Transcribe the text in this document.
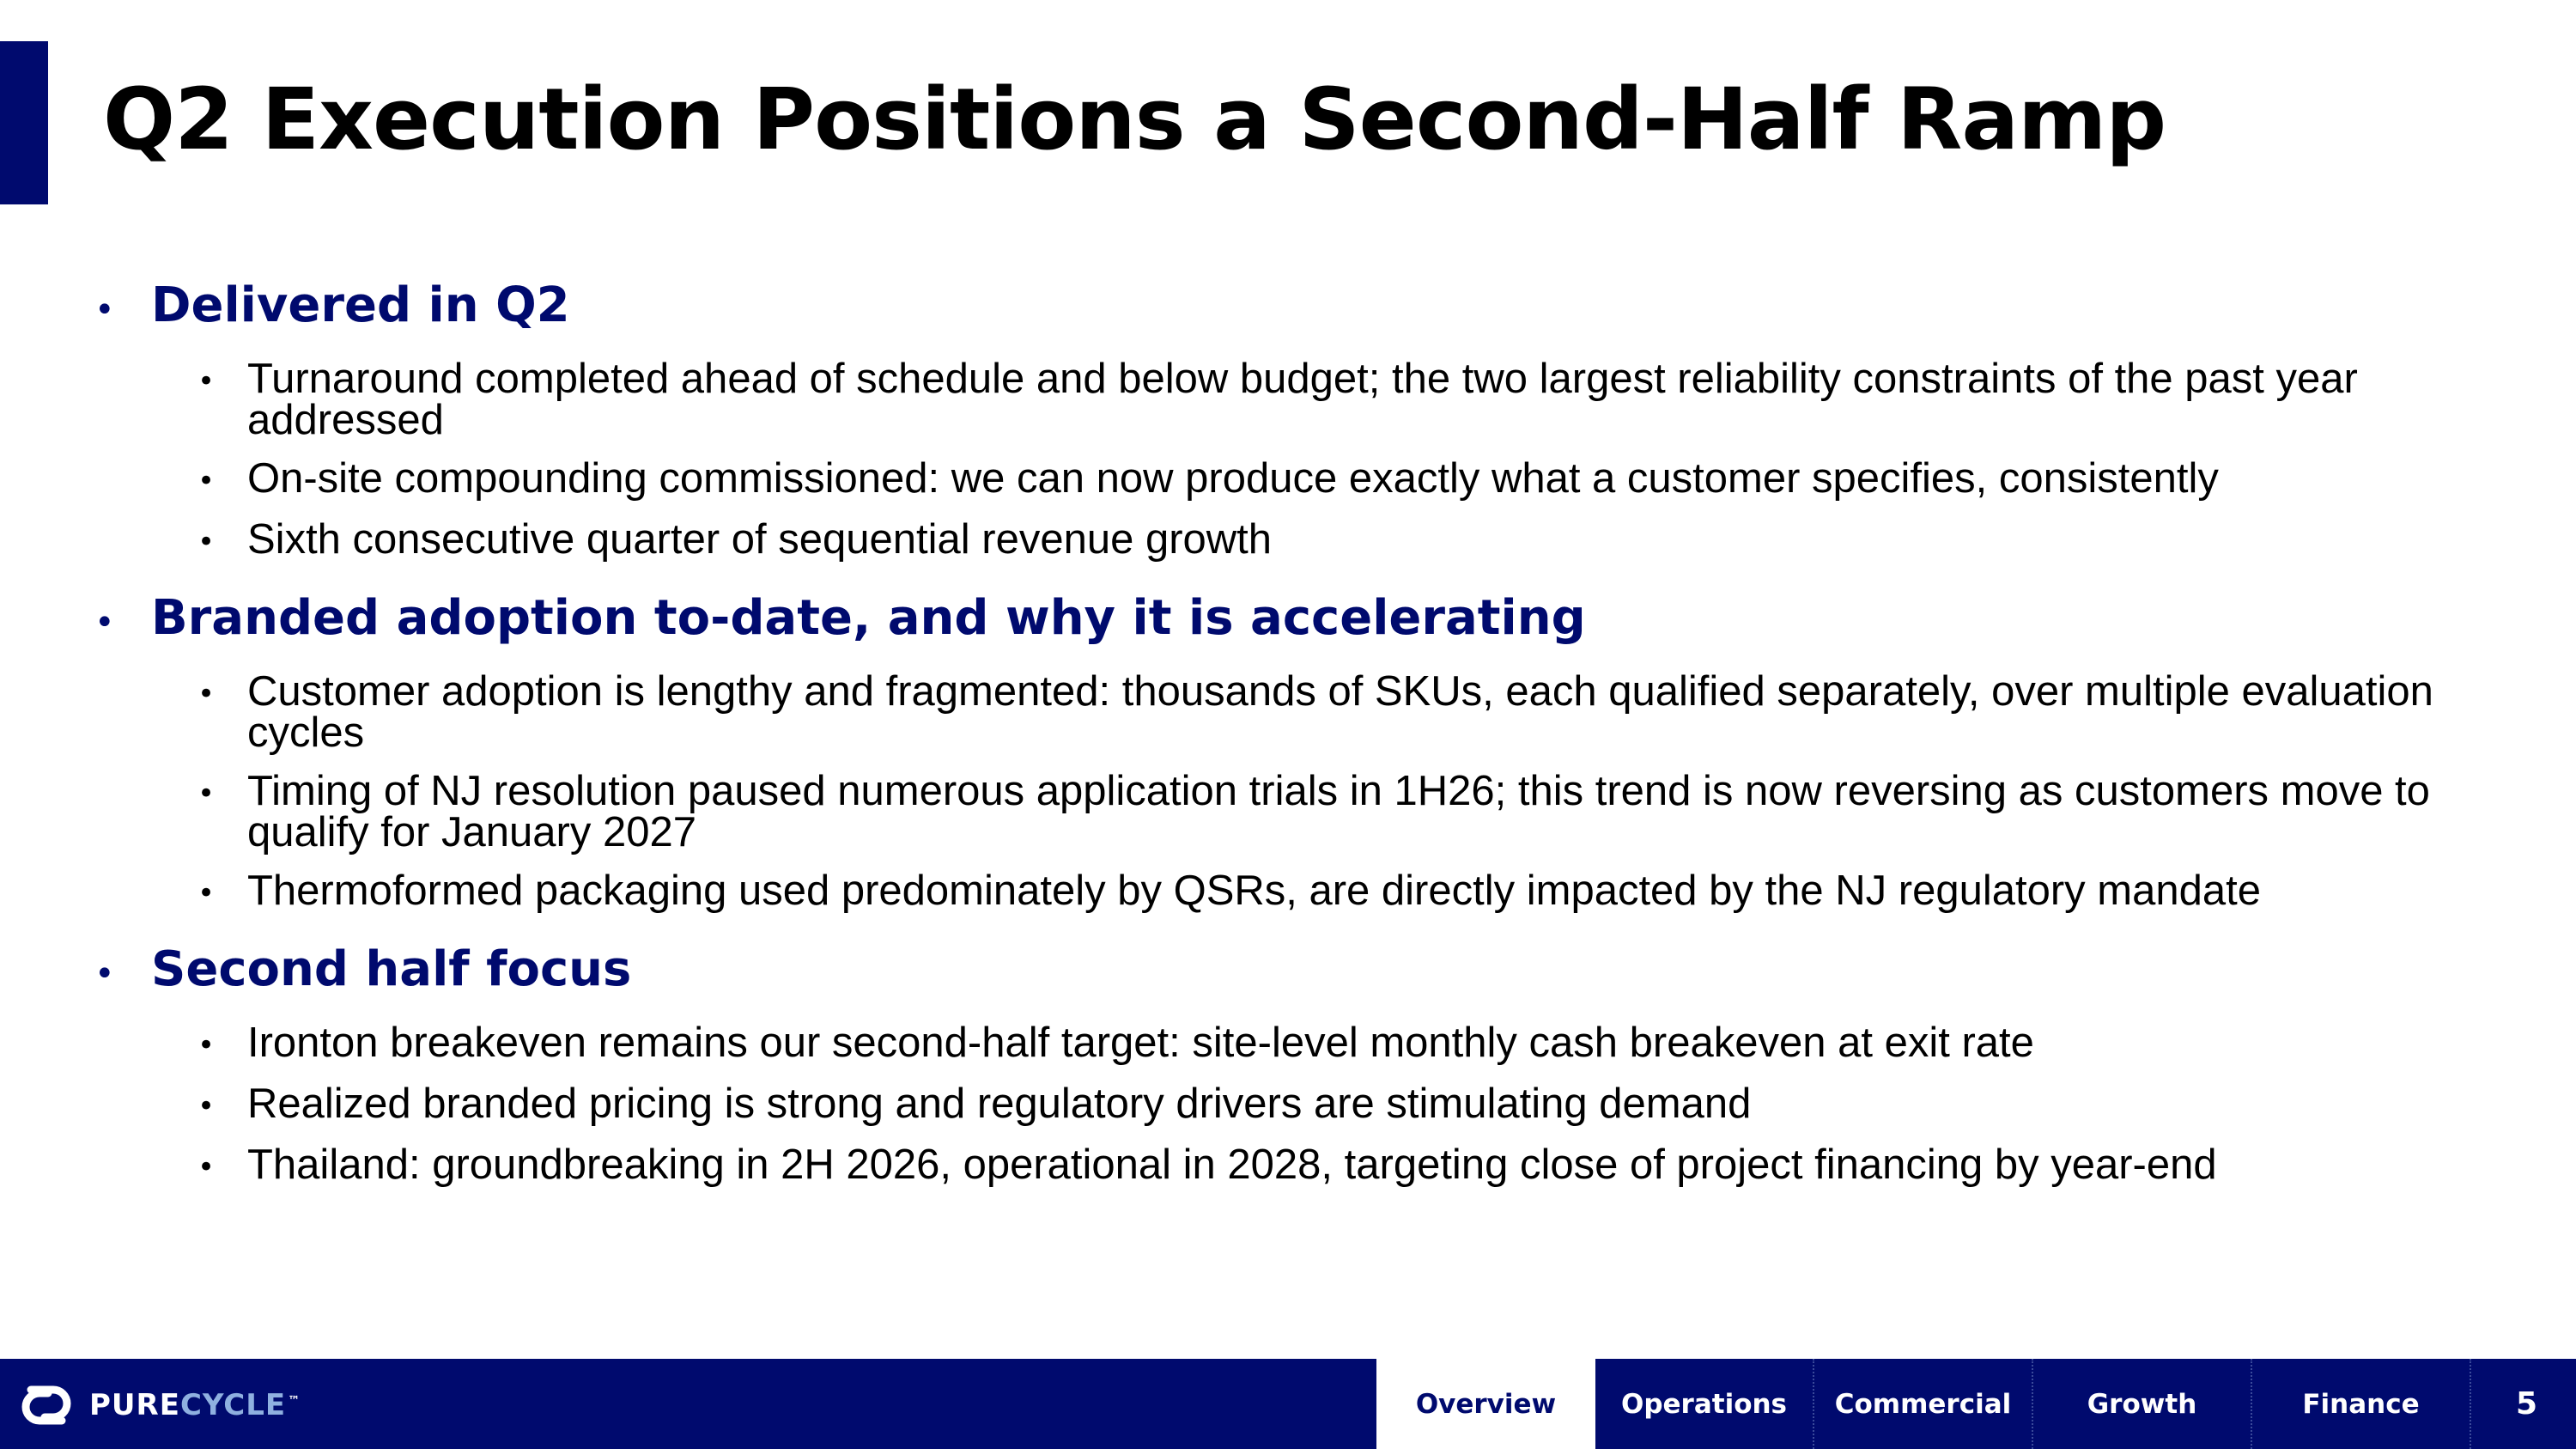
Q2 Execution Positions a Second-Half Ramp
• Delivered in Q2
• Turnaround completed ahead of schedule and below budget; the two largest reliability constraints of the past year addressed
• On-site compounding commissioned: we can now produce exactly what a customer specifies, consistently
• Sixth consecutive quarter of sequential revenue growth
• Branded adoption to-date, and why it is accelerating
• Customer adoption is lengthy and fragmented: thousands of SKUs, each qualified separately, over multiple evaluation cycles
• Timing of NJ resolution paused numerous application trials in 1H26; this trend is now reversing as customers move to qualify for January 2027
• Thermoformed packaging used predominately by QSRs, are directly impacted by the NJ regulatory mandate
• Second half focus
• Ironton breakeven remains our second-half target: site-level monthly cash breakeven at exit rate
• Realized branded pricing is strong and regulatory drivers are stimulating demand
• Thailand: groundbreaking in 2H 2026, operational in 2028, targeting close of project financing by year-end
PURECYCLE ™	Overview	Operations	Commercial	Growth	Finance	5
